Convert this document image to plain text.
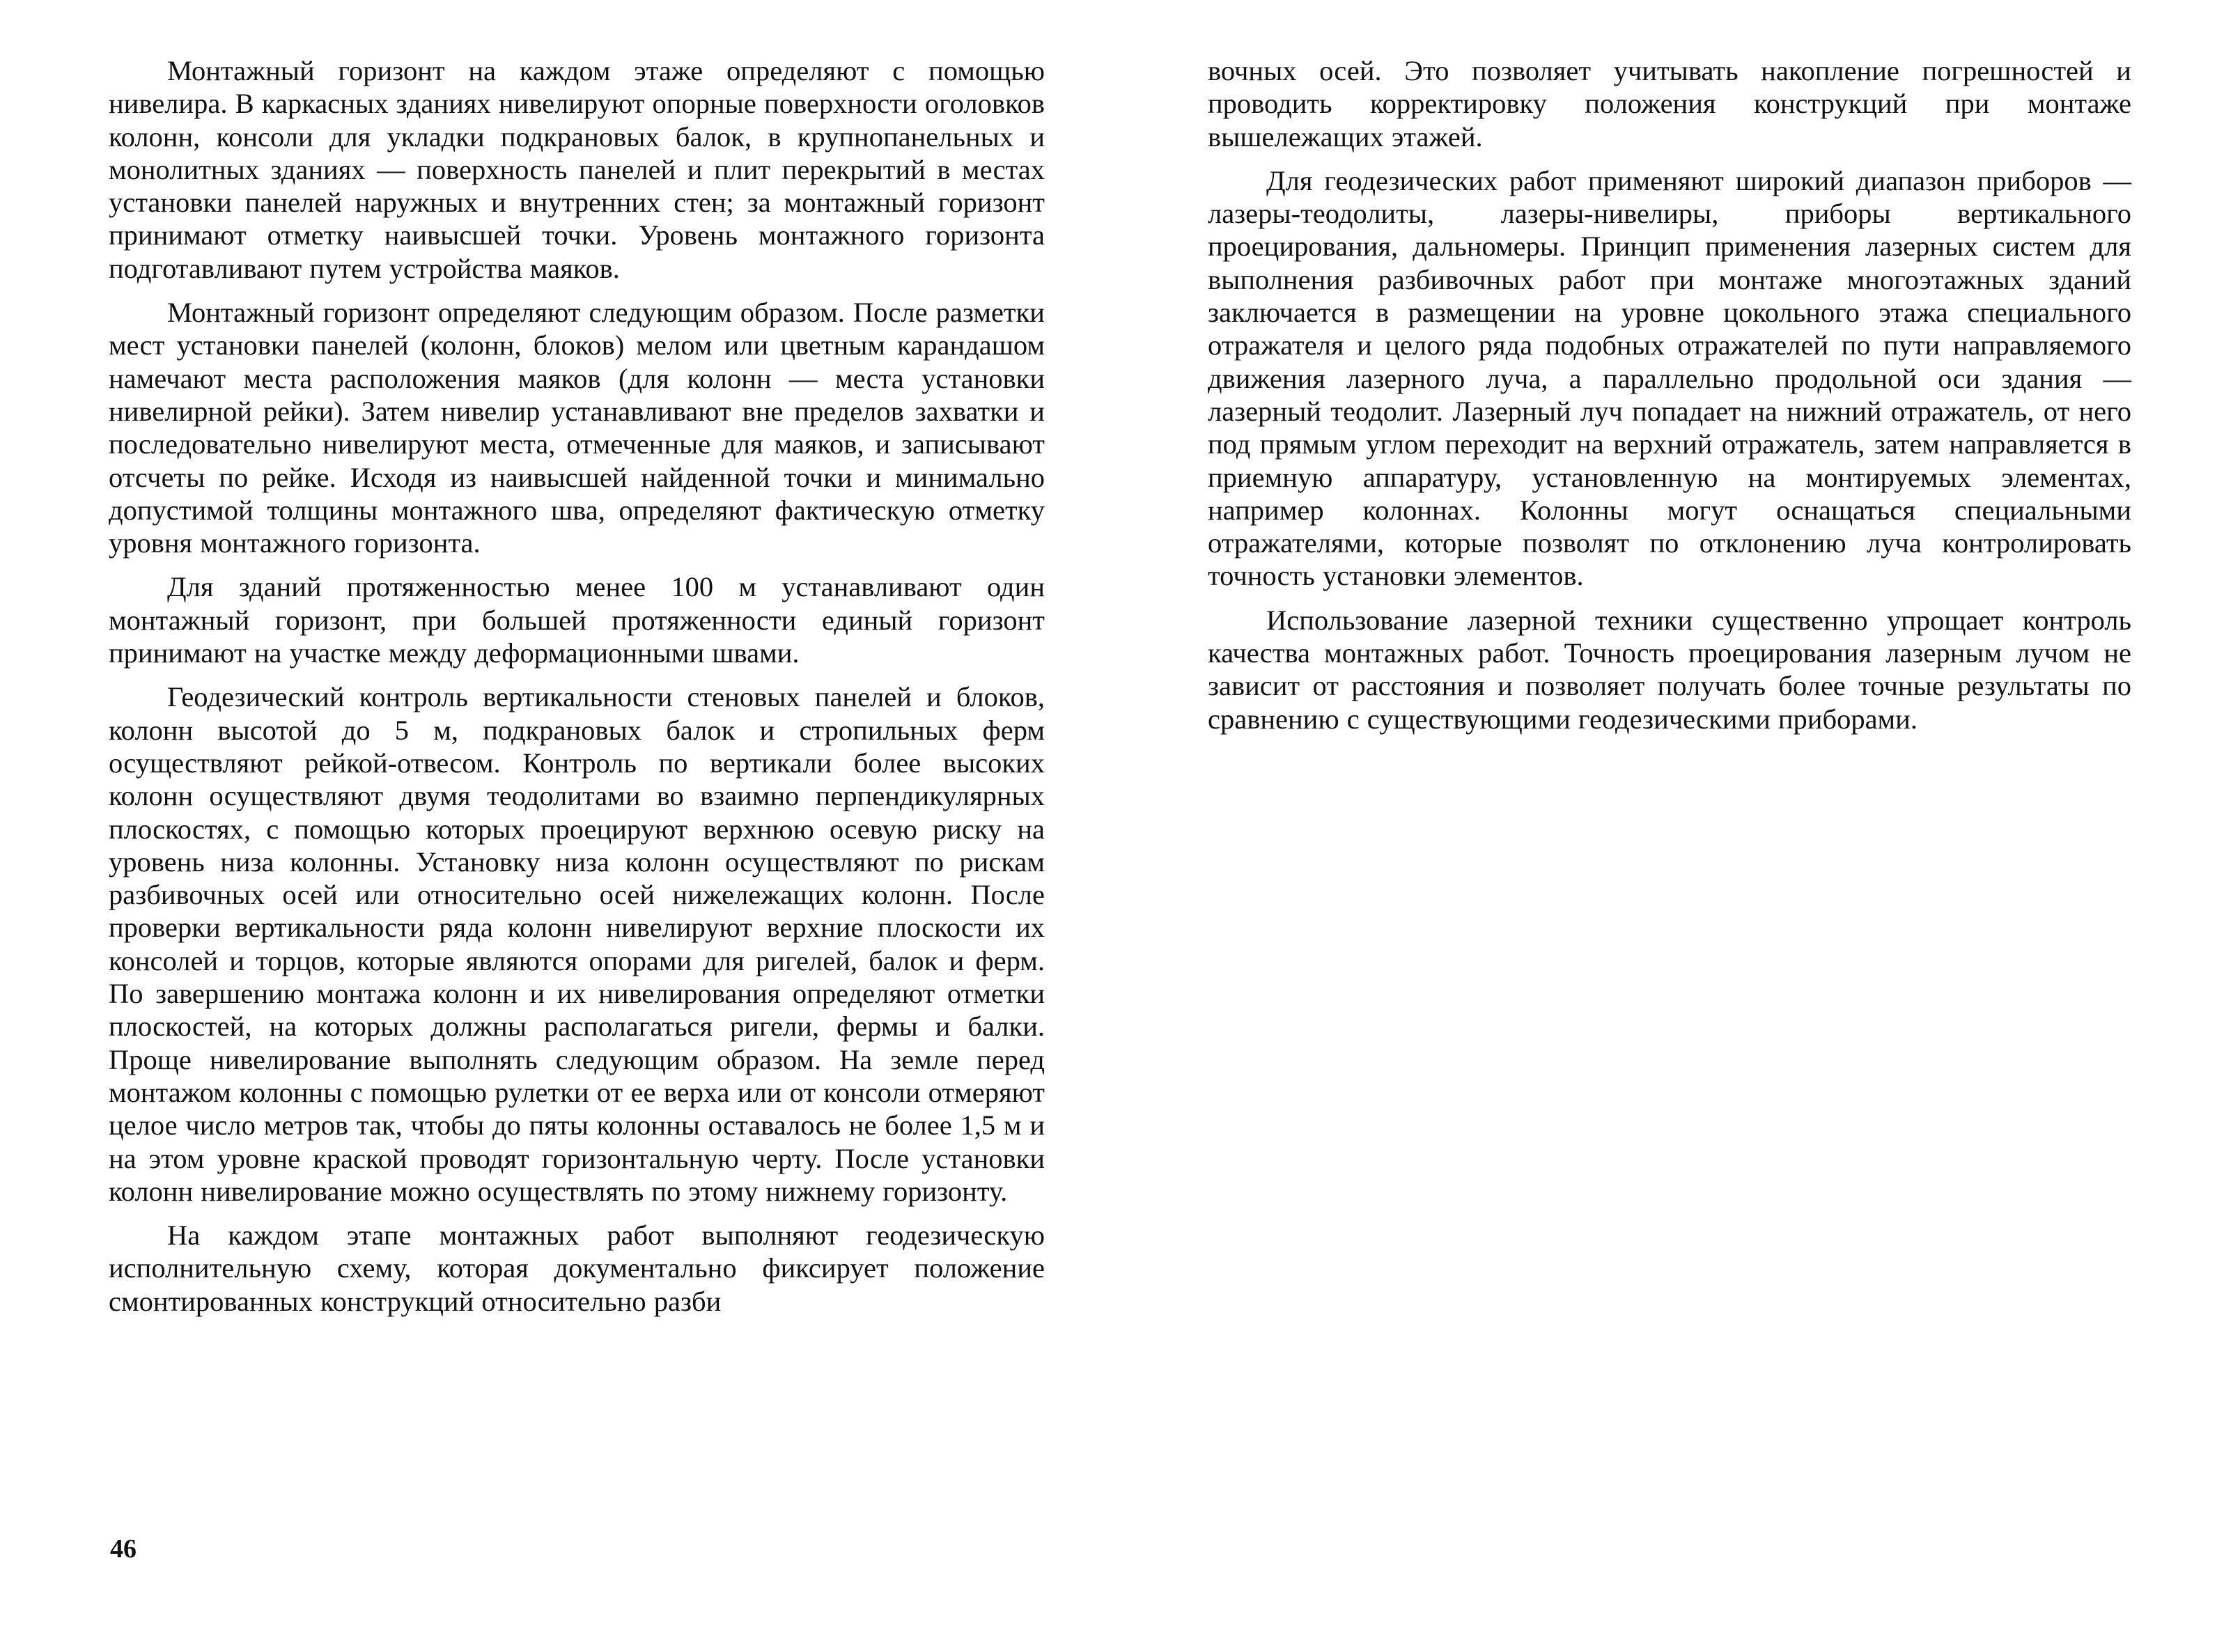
Монтажный горизонт на каждом этаже определяют с помощью нивелира. В каркасных зданиях нивелируют опорные поверхности оголовков колонн, консоли для укладки подкрановых балок, в крупнопанельных и монолитных зданиях — поверхность панелей и плит перекрытий в местах установки панелей наружных и внутренних стен; за монтажный горизонт принимают отметку наивысшей точки. Уровень монтажного горизонта подготавливают путем устройства маяков.

Монтажный горизонт определяют следующим образом. После разметки мест установки панелей (колонн, блоков) мелом или цветным карандашом намечают места расположения маяков (для колонн — места установки нивелирной рейки). Затем нивелир устанавливают вне пределов захватки и последовательно нивелируют места, отмеченные для маяков, и записывают отсчеты по рейке. Исходя из наивысшей найденной точки и минимально допустимой толщины монтажного шва, определяют фактическую отметку уровня монтажного горизонта.

Для зданий протяженностью менее 100 м устанавливают один монтажный горизонт, при большей протяженности единый горизонт принимают на участке между деформационными швами.

Геодезический контроль вертикальности стеновых панелей и блоков, колонн высотой до 5 м, подкрановых балок и стропильных ферм осуществляют рейкой-отвесом. Контроль по вертикали более высоких колонн осуществляют двумя теодолитами во взаимно перпендикулярных плоскостях, с помощью которых проецируют верхнюю осевую риску на уровень низа колонны. Установку низа колонн осуществляют по рискам разбивочных осей или относительно осей нижележащих колонн. После проверки вертикальности ряда колонн нивелируют верхние плоскости их консолей и торцов, которые являются опорами для ригелей, балок и ферм. По завершению монтажа колонн и их нивелирования определяют отметки плоскостей, на которых должны располагаться ригели, фермы и балки. Проще нивелирование выполнять следующим образом. На земле перед монтажом колонны с помощью рулетки от ее верха или от консоли отмеряют целое число метров так, чтобы до пяты колонны оставалось не более 1,5 м и на этом уровне краской проводят горизонтальную черту. После установки колонн нивелирование можно осуществлять по этому нижнему горизонту.

На каждом этапе монтажных работ выполняют геодезическую исполнительную схему, которая документально фиксирует положение смонтированных конструкций относительно разби

46

вочных осей. Это позволяет учитывать накопление погрешностей и проводить корректировку положения конструкций при монтаже вышележащих этажей.

Для геодезических работ применяют широкий диапазон приборов — лазеры-теодолиты, лазеры-нивелиры, приборы вертикального проецирования, дальномеры. Принцип применения лазерных систем для выполнения разбивочных работ при монтаже многоэтажных зданий заключается в размещении на уровне цокольного этажа специального отражателя и целого ряда подобных отражателей по пути направляемого движения лазерного луча, а параллельно продольной оси здания — лазерный теодолит. Лазерный луч попадает на нижний отражатель, от него под прямым углом переходит на верхний отражатель, затем направляется в приемную аппаратуру, установленную на монтируемых элементах, например колоннах. Колонны могут оснащаться специальными отражателями, которые позволят по отклонению луча контролировать точность установки элементов.

Использование лазерной техники существенно упрощает контроль качества монтажных работ. Точность проецирования лазерным лучом не зависит от расстояния и позволяет получать более точные результаты по сравнению с существующими геодезическими приборами.
